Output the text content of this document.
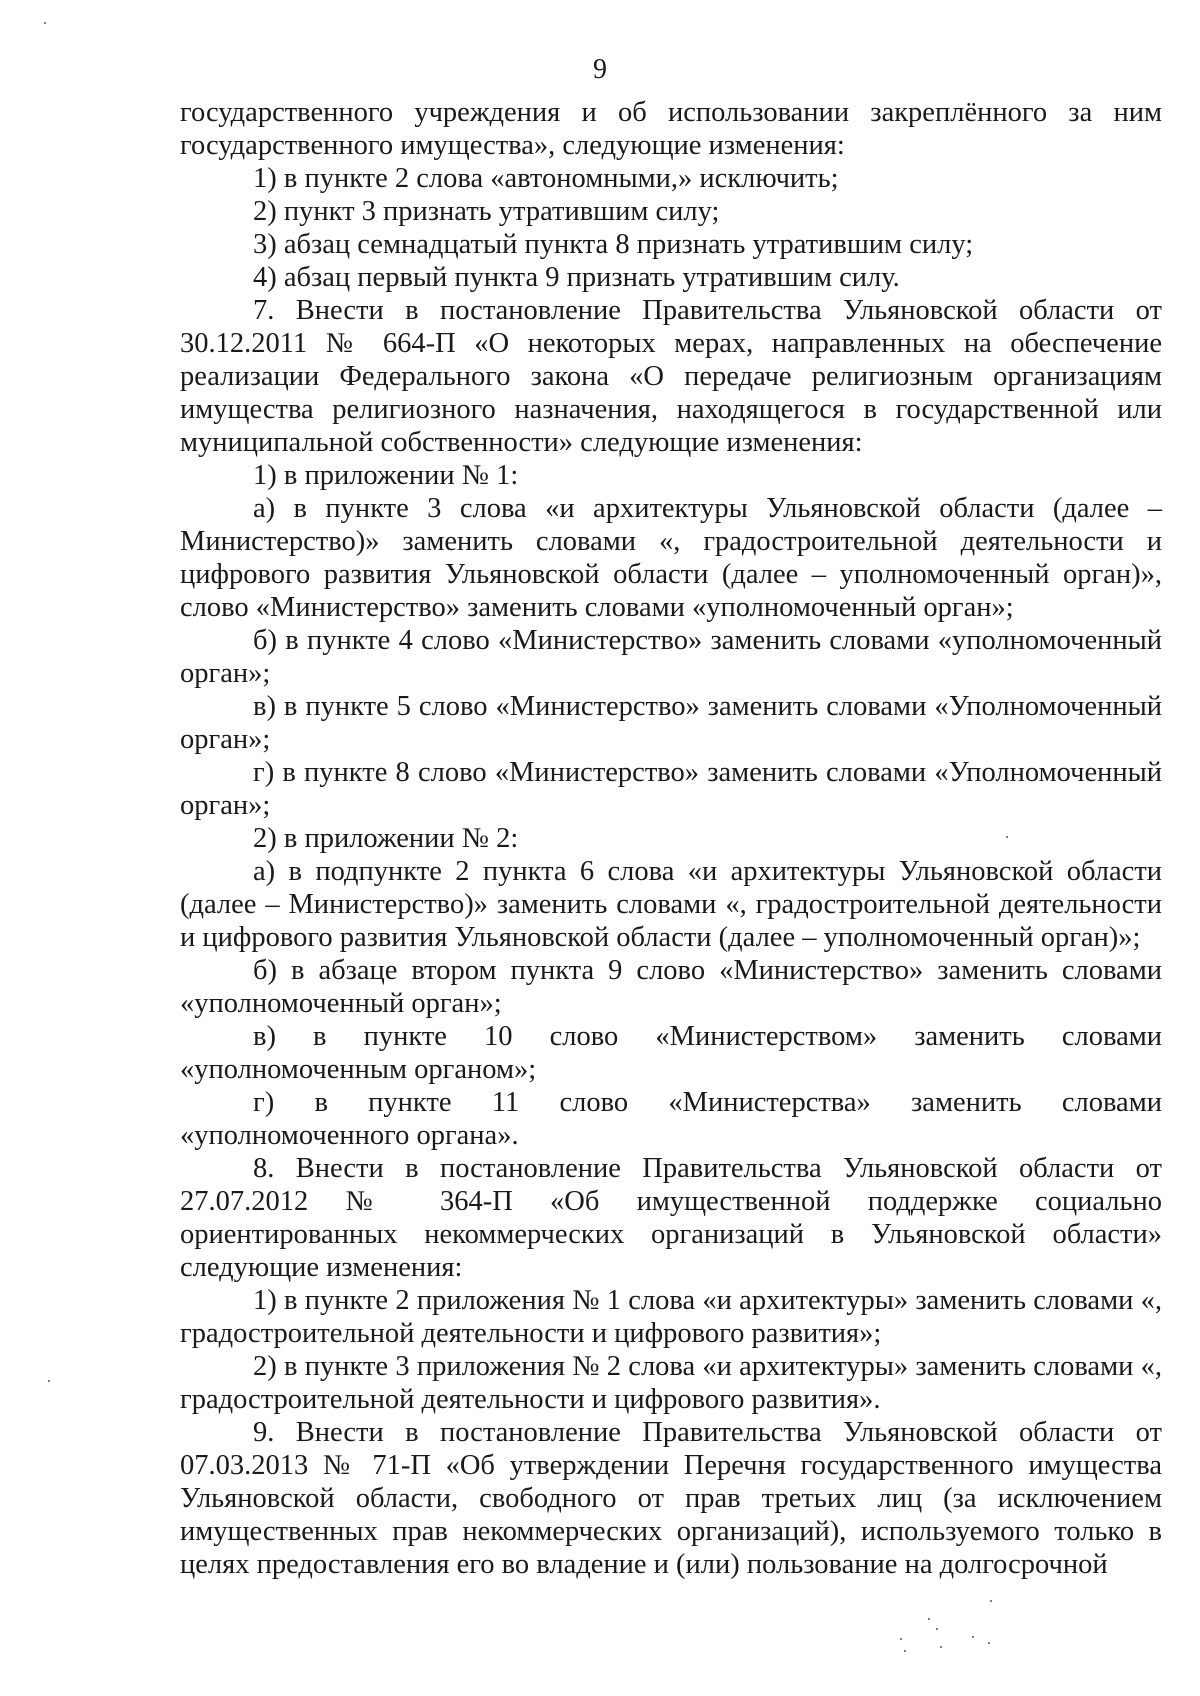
9

государственного учреждения и об использовании закреплённого за ним государственного имущества», следующие изменения:

1) в пункте 2 слова «автономными,» исключить;

2) пункт 3 признать утратившим силу;

3) абзац семнадцатый пункта 8 признать утратившим силу;

4) абзац первый пункта 9 признать утратившим силу.

7. Внести в постановление Правительства Ульяновской области от 30.12.2011 № 664-П «О некоторых мерах, направленных на обеспечение реализации Федерального закона «О передаче религиозным организациям имущества религиозного назначения, находящегося в государственной или муниципальной собственности» следующие изменения:

1) в приложении № 1:

а) в пункте 3 слова «и архитектуры Ульяновской области (далее – Министерство)» заменить словами «, градостроительной деятельности и цифрового развития Ульяновской области (далее – уполномоченный орган)», слово «Министерство» заменить словами «уполномоченный орган»;

б) в пункте 4 слово «Министерство» заменить словами «уполномоченный орган»;

в) в пункте 5 слово «Министерство» заменить словами «Уполномоченный орган»;

г) в пункте 8 слово «Министерство» заменить словами «Уполномоченный орган»;

2) в приложении № 2:

а) в подпункте 2 пункта 6 слова «и архитектуры Ульяновской области (далее – Министерство)» заменить словами «, градостроительной деятельности и цифрового развития Ульяновской области (далее – уполномоченный орган)»;

б) в абзаце втором пункта 9 слово «Министерство» заменить словами «уполномоченный орган»;

в) в пункте 10 слово «Министерством» заменить словами «уполномоченным органом»;

г) в пункте 11 слово «Министерства» заменить словами «уполномоченного органа».

8. Внести в постановление Правительства Ульяновской области от 27.07.2012 № 364-П «Об имущественной поддержке социально ориентированных некоммерческих организаций в Ульяновской области» следующие изменения:

1) в пункте 2 приложения № 1 слова «и архитектуры» заменить словами «, градостроительной деятельности и цифрового развития»;

2) в пункте 3 приложения № 2 слова «и архитектуры» заменить словами «, градостроительной деятельности и цифрового развития».

9. Внести в постановление Правительства Ульяновской области от 07.03.2013 № 71-П «Об утверждении Перечня государственного имущества Ульяновской области, свободного от прав третьих лиц (за исключением имущественных прав некоммерческих организаций), используемого только в целях предоставления его во владение и (или) пользование на долгосрочной
